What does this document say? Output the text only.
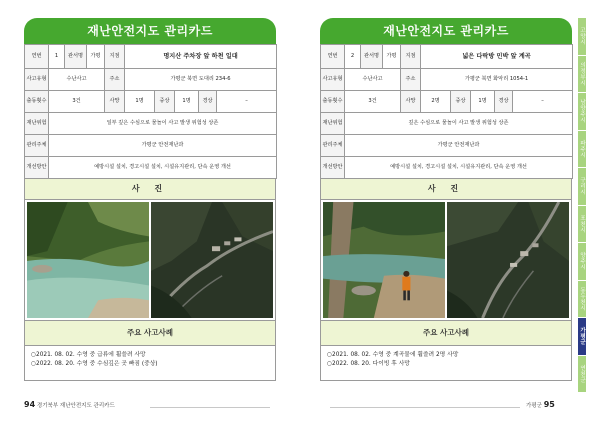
재난안전지도 관리카드
연번	1	관서명	가평	지점	명지산 주차장 앞 하천 일대				
사고유형	수난사고			주소	가평군 북면 도대리 234-6				
출동횟수	3건			사망	1명	중상	1명	경상	–
재난위험	일부 깊은 수심으로 물놀이 사고 발생 위험성 상존								
관리주체	가평군 안전재난과								
개선방안	예방시설 설치, 경고시설 설치, 시설유지관리, 단속 운영 개선								
사 진
주요 사고사례
○2021. 08. 02. 수영 중 급류에 휩쓸려 사망
○2022. 08. 20. 수영 중 수심깊은 곳 빠짐 (중상)
재난안전지도 관리카드
연번	2	관서명	가평	지점	넓은 다락방 민박 앞 계곡				
사고유형	수난사고			주소	가평군 북면 화악리 1054-1				
출동횟수	3건			사망	2명	중상	1명	경상	–
재난위험	깊은 수심으로 물놀이 사고 발생 위험성 상존								
관리주체	가평군 안전재난과								
개선방안	예방시설 설치, 경고시설 설치, 시설유지관리, 단속 운영 개선								
사 진
주요 사고사례
○2021. 08. 02. 수영 중 계곡물에 휩쓸려 2명 사망
○2022. 08. 20. 다이빙 후 사망
94 경기북부 재난안전지도 관리카드	가평군 95
고양시
의정부시
남양주시
파주시
구리시
포천시
양주시
동두천시
가평군
연천군
